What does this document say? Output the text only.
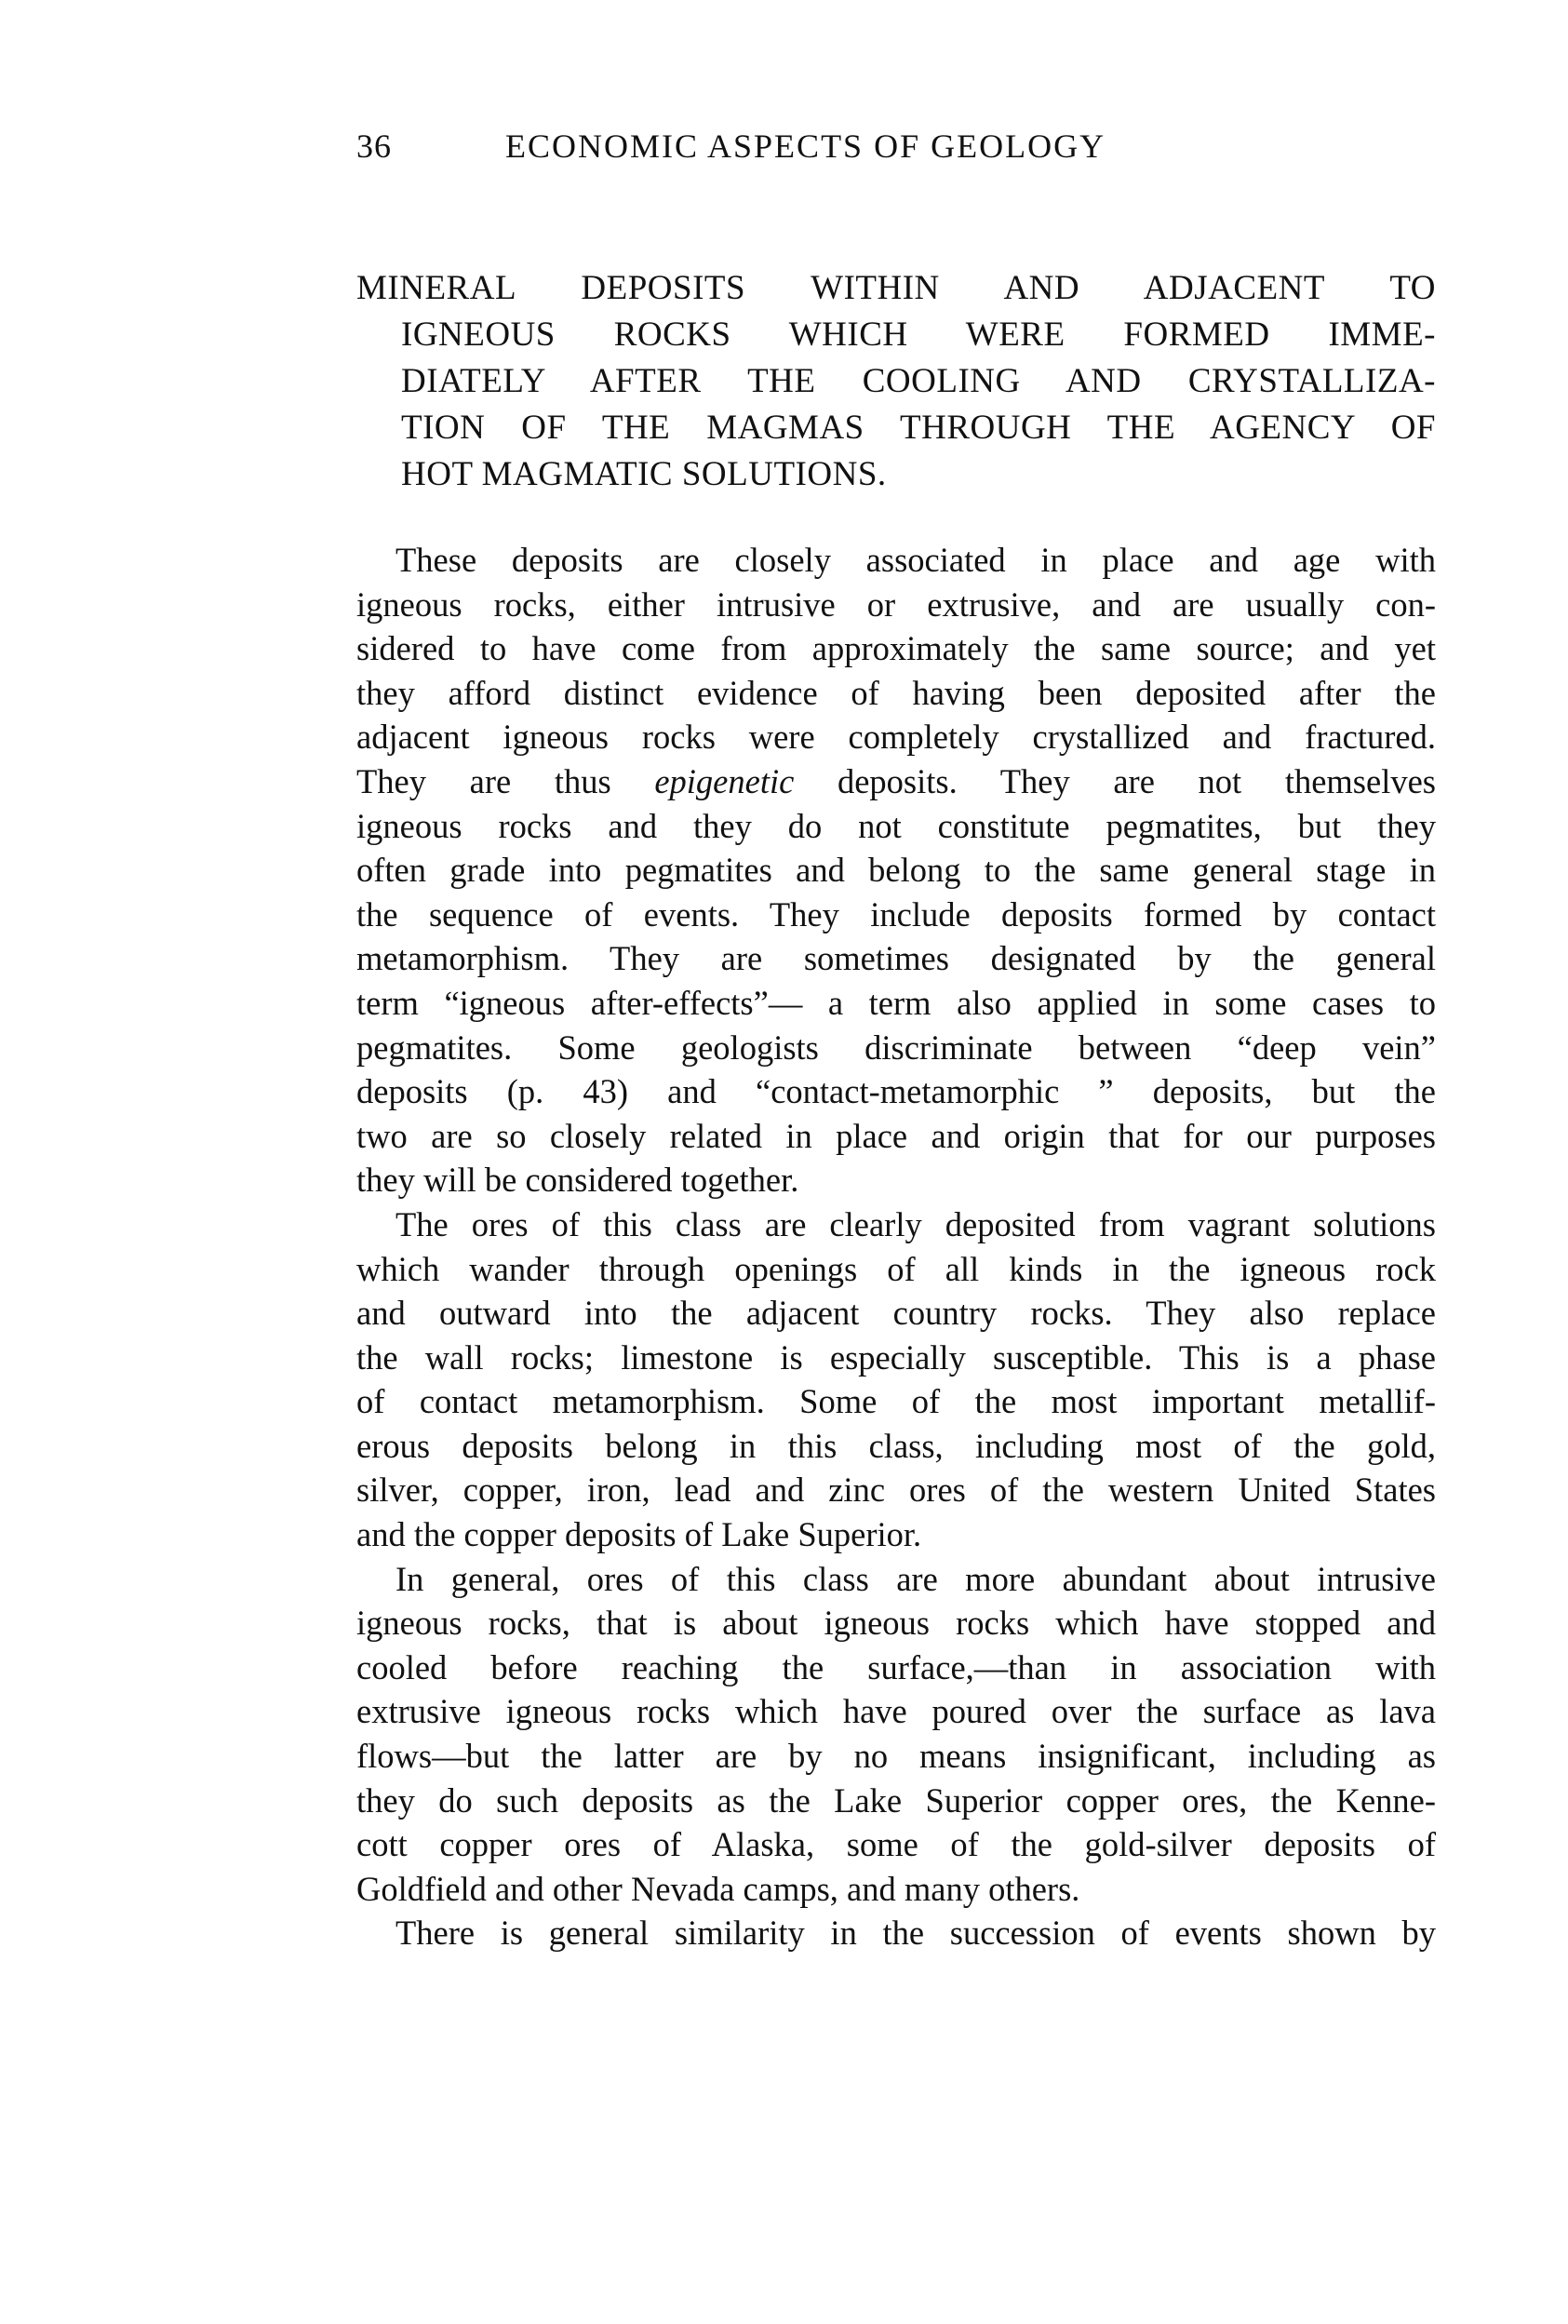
36	ECONOMIC ASPECTS OF GEOLOGY
MINERAL DEPOSITS WITHIN AND ADJACENT TO
IGNEOUS ROCKS WHICH WERE FORMED IMME-
DIATELY AFTER THE COOLING AND CRYSTALLIZA-
TION OF THE MAGMAS THROUGH THE AGENCY OF
HOT MAGMATIC SOLUTIONS.
These deposits are closely associated in place and age with
igneous rocks, either intrusive or extrusive, and are usually con-
sidered to have come from approximately the same source; and yet
they afford distinct evidence of having been deposited after the
adjacent igneous rocks were completely crystallized and fractured.
They are thus epigenetic deposits. They are not themselves
igneous rocks and they do not constitute pegmatites, but they
often grade into pegmatites and belong to the same general stage in
the sequence of events. They include deposits formed by contact
metamorphism. They are sometimes designated by the general
term “igneous after-effects”— a term also applied in some cases to
pegmatites. Some geologists discriminate between “deep vein”
deposits (p. 43) and “contact-metamorphic ” deposits, but the
two are so closely related in place and origin that for our purposes
they will be considered together.
The ores of this class are clearly deposited from vagrant solutions
which wander through openings of all kinds in the igneous rock
and outward into the adjacent country rocks. They also replace
the wall rocks; limestone is especially susceptible. This is a phase
of contact metamorphism. Some of the most important metallif-
erous deposits belong in this class, including most of the gold,
silver, copper, iron, lead and zinc ores of the western United States
and the copper deposits of Lake Superior.
In general, ores of this class are more abundant about intrusive
igneous rocks, that is about igneous rocks which have stopped and
cooled before reaching the surface,—than in association with
extrusive igneous rocks which have poured over the surface as lava
flows—but the latter are by no means insignificant, including as
they do such deposits as the Lake Superior copper ores, the Kenne-
cott copper ores of Alaska, some of the gold-silver deposits of
Goldfield and other Nevada camps, and many others.
There is general similarity in the succession of events shown by
